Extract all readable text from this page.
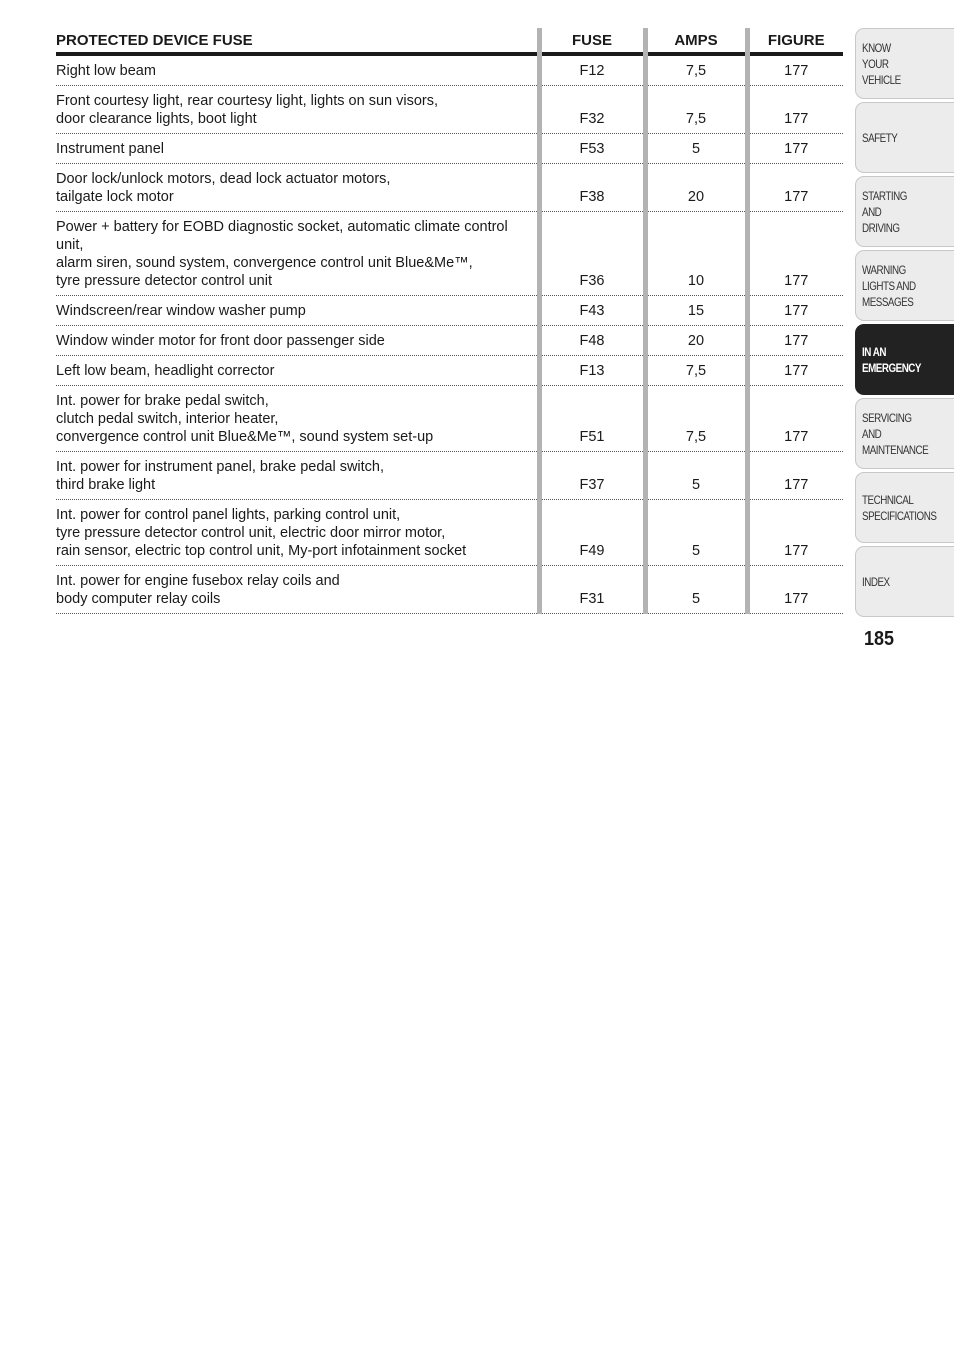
PROTECTED DEVICE FUSE	FUSE	AMPS	FIGURE
Right low beam	F12	7,5	177
Front courtesy light, rear courtesy light, lights on sun visors,
door clearance lights, boot light	F32	7,5	177
Instrument panel	F53	5	177
Door lock/unlock motors, dead lock actuator motors,
tailgate lock motor	F38	20	177
Power + battery for EOBD diagnostic socket, automatic climate control unit,
alarm siren, sound system, convergence control unit Blue&Me™,
tyre pressure detector control unit	F36	10	177
Windscreen/rear window washer pump	F43	15	177
Window winder motor for front door passenger side	F48	20	177
Left low beam, headlight corrector	F13	7,5	177
Int. power for brake pedal switch,
clutch pedal switch, interior heater,
convergence control unit Blue&Me™, sound system set-up	F51	7,5	177
Int. power for instrument panel, brake pedal switch,
third brake light	F37	5	177
Int. power for control panel lights, parking control unit,
tyre pressure detector control unit, electric door mirror motor,
rain sensor, electric top control unit, My-port infotainment socket	F49	5	177
Int. power for engine fusebox relay coils and
body computer relay coils	F31	5	177
KNOW
YOUR
VEHICLE
SAFETY
STARTING
AND
DRIVING
WARNING
LIGHTS AND
MESSAGES
IN AN
EMERGENCY
SERVICING
AND
MAINTENANCE
TECHNICAL
SPECIFICATIONS
INDEX
185
